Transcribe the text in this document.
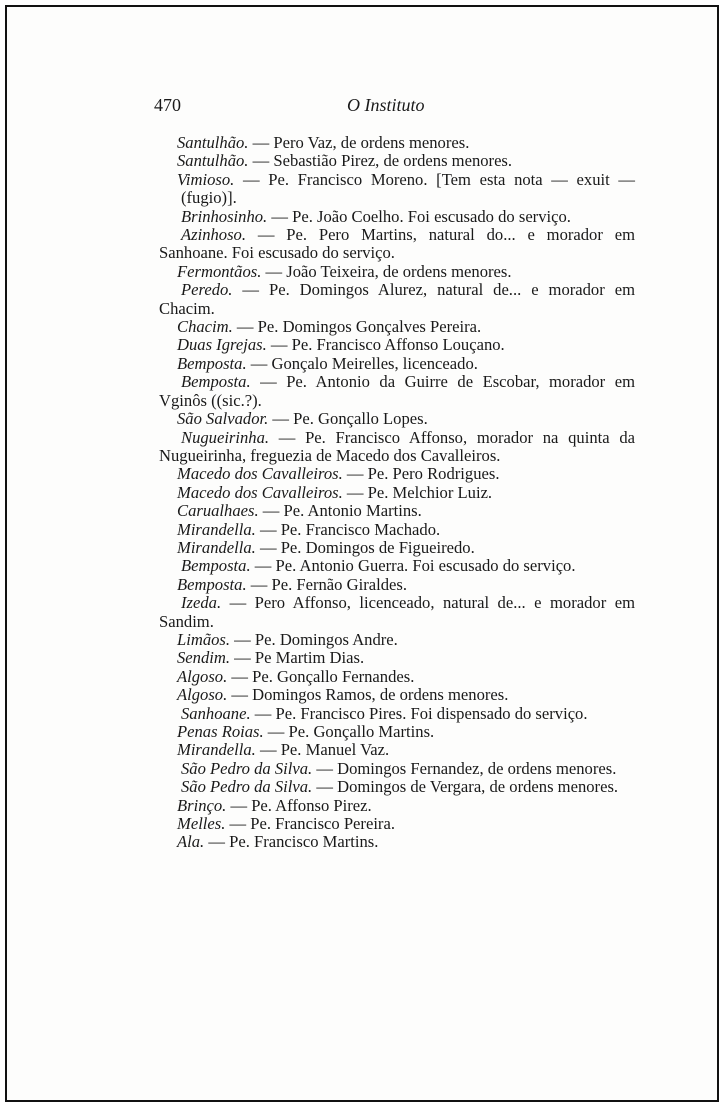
470	O Instituto

Santulhão. — Pero Vaz, de ordens menores.

Santulhão. — Sebastião Pirez, de ordens menores.

Vimioso. — Pe. Francisco Moreno. [Tem esta nota — exuit — (fugio)].

Brinhosinho. — Pe. João Coelho. Foi escusado do serviço.

Azinhoso. — Pe. Pero Martins, natural do... e morador em Sanhoane. Foi escusado do serviço.

Fermontãos. — João Teixeira, de ordens menores.

Peredo. — Pe. Domingos Alurez, natural de... e morador em Chacim.

Chacim. — Pe. Domingos Gonçalves Pereira.

Duas Igrejas. — Pe. Francisco Affonso Louçano.

Bemposta. — Gonçalo Meirelles, licenceado.

Bemposta. — Pe. Antonio da Guirre de Escobar, morador em Vginôs ((sic.?).

São Salvador. — Pe. Gonçallo Lopes.

Nugueirinha. — Pe. Francisco Affonso, morador na quinta da Nugueirinha, freguezia de Macedo dos Cavalleiros.

Macedo dos Cavalleiros. — Pe. Pero Rodrigues.

Macedo dos Cavalleiros. — Pe. Melchior Luiz.

Carualhaes. — Pe. Antonio Martins.

Mirandella. — Pe. Francisco Machado.

Mirandella. — Pe. Domingos de Figueiredo.

Bemposta. — Pe. Antonio Guerra. Foi escusado do serviço.

Bemposta. — Pe. Fernão Giraldes.

Izeda. — Pero Affonso, licenceado, natural de... e morador em Sandim.

Limãos. — Pe. Domingos Andre.

Sendim. — Pe Martim Dias.

Algoso. — Pe. Gonçallo Fernandes.

Algoso. — Domingos Ramos, de ordens menores.

Sanhoane. — Pe. Francisco Pires. Foi dispensado do serviço.

Penas Roias. — Pe. Gonçallo Martins.

Mirandella. — Pe. Manuel Vaz.

São Pedro da Silva. — Domingos Fernandez, de ordens menores.

São Pedro da Silva. — Domingos de Vergara, de ordens menores.

Brinço. — Pe. Affonso Pirez.

Melles. — Pe. Francisco Pereira.

Ala. — Pe. Francisco Martins.
